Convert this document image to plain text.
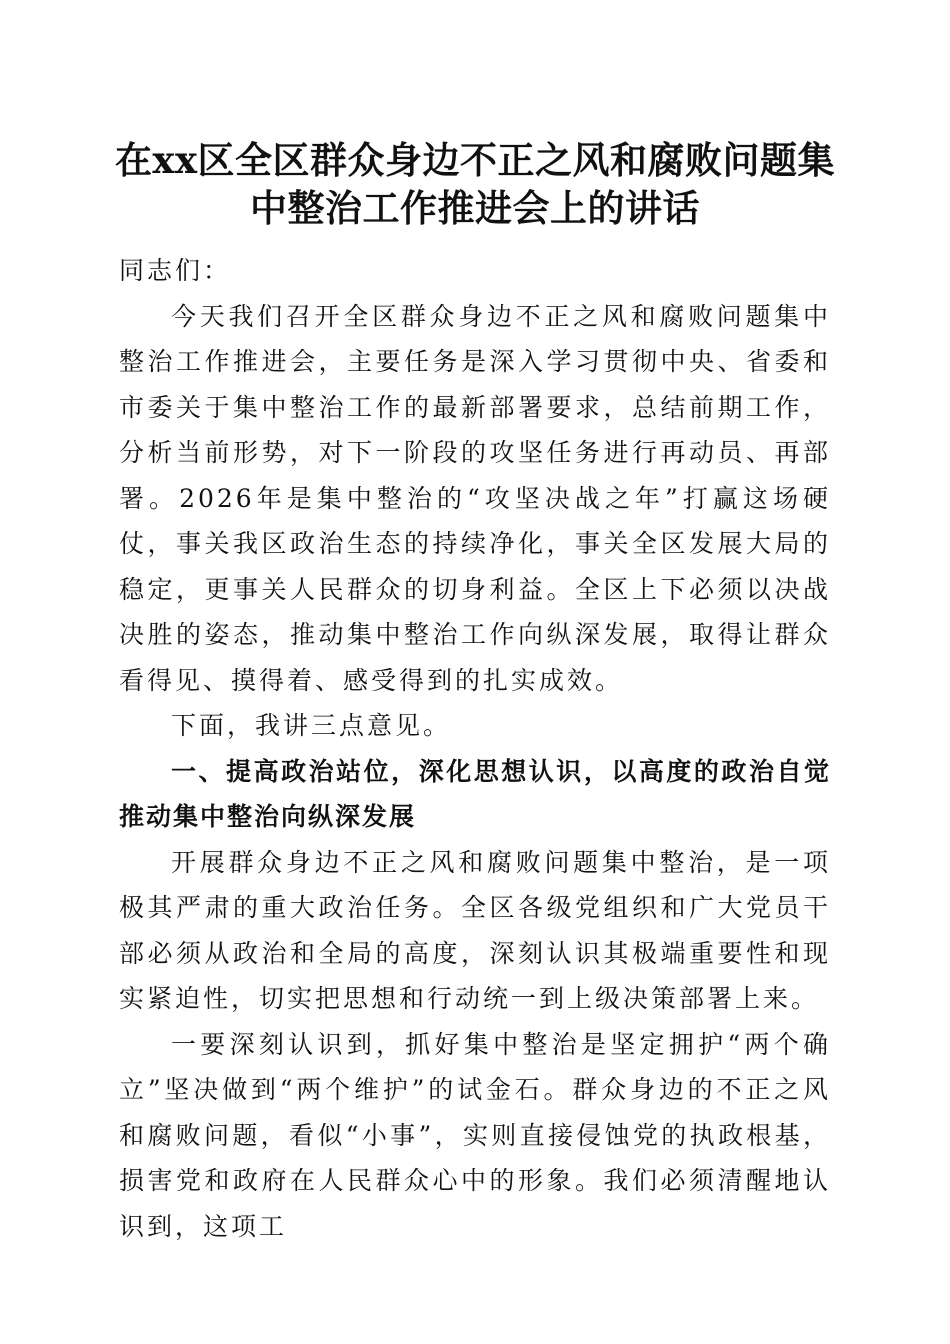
在xx区全区群众身边不正之风和腐败问题集
中整治工作推进会上的讲话

同志们：

今天我们召开全区群众身边不正之风和腐败问题集中整治工作推进会，主要任务是深入学习贯彻中央、省委和市委关于集中整治工作的最新部署要求，总结前期工作，分析当前形势，对下一阶段的攻坚任务进行再动员、再部署。2026年是集中整治的“攻坚决战之年”打赢这场硬仗，事关我区政治生态的持续净化，事关全区发展大局的稳定，更事关人民群众的切身利益。全区上下必须以决战决胜的姿态，推动集中整治工作向纵深发展，取得让群众看得见、摸得着、感受得到的扎实成效。

下面，我讲三点意见。

一、提高政治站位，深化思想认识，以高度的政治自觉推动集中整治向纵深发展

开展群众身边不正之风和腐败问题集中整治，是一项极其严肃的重大政治任务。全区各级党组织和广大党员干部必须从政治和全局的高度，深刻认识其极端重要性和现实紧迫性，切实把思想和行动统一到上级决策部署上来。

一要深刻认识到，抓好集中整治是坚定拥护“两个确立”坚决做到“两个维护”的试金石。群众身边的不正之风和腐败问题，看似“小事”，实则直接侵蚀党的执政根基，损害党和政府在人民群众心中的形象。我们必须清醒地认识到，这项工
